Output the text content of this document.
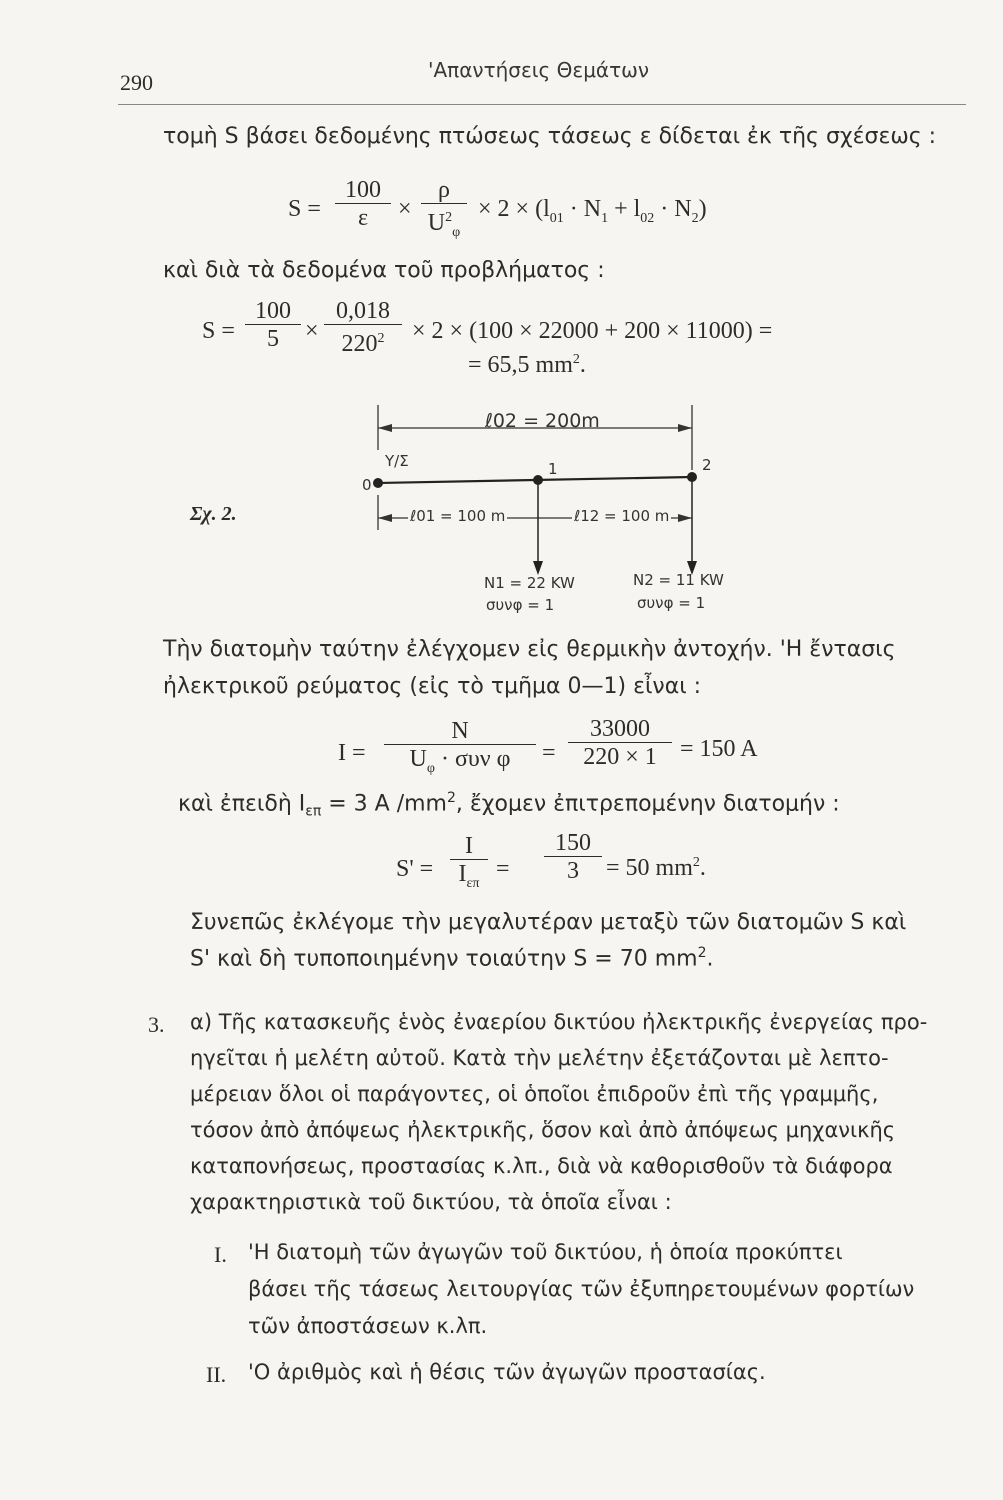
290	'Απαντήσεις Θεμάτων
τομὴ S βάσει δεδομένης πτώσεως τάσεως ε δίδεται ἐκ τῆς σχέσεως :
$S = \frac{100}{\varepsilon} \times \frac{\rho}{U^2_\varphi} \times 2 \times (l_{01} \cdot N_1 + l_{02} \cdot N_2)$
καὶ διὰ τὰ δεδομένα τοῦ προβλήματος :
$S = \frac{100}{5} \times \frac{0,018}{220^2} \times 2 \times (100 \times 22000 + 200 \times 11000)$ =
= 65,5 $mm^2$.
Σχ. 2.
ℓ02 = 200m
Υ/Σ
0
1	2
ℓ01 = 100 m	ℓ12 = 100 m
N1 = 22 KW
συνφ = 1
N2 = 11 KW
συνφ = 1
Τὴν διατομὴν ταύτην ἐλέγχομεν εἰς θερμικὴν ἀντοχήν. 'Η ἔντασις
ἠλεκτρικοῦ ρεύματος (εἰς τὸ τμῆμα 0—1) εἶναι :
I =
N
$U_\varphi \cdot \sigma\upsilon\nu$ φ	= $\frac{33000}{220 \times 1} = 150$ A
καὶ ἐπειδὴ $I_{\varepsilon\pi} = 3$ A $/mm^2$, ἔχομεν ἐπιτρεπομένην διατομήν :
S' =
I
$I_{\varepsilon\pi}$
= $\frac{150}{3} = 50$ $mm^2$.
Συνεπῶς ἐκλέγομε τὴν μεγαλυτέραν μεταξὺ τῶν διατομῶν S καὶ
S' καὶ δὴ τυποποιημένην τοιαύτην S = 70 $mm^2$.
3. α) Τῆς κατασκευῆς ἑνὸς ἐναερίου δικτύου ἠλεκτρικῆς ἐνεργείας προ-
ηγεῖται ἡ μελέτη αὐτοῦ. Κατὰ τὴν μελέτην ἐξετάζονται μὲ λεπτο-
μέρειαν ὅλοι οἱ παράγοντες, οἱ ὁποῖοι ἐπιδροῦν ἐπὶ τῆς γραμμῆς,
τόσον ἀπὸ ἀπόψεως ἠλεκτρικῆς, ὅσον καὶ ἀπὸ ἀπόψεως μηχανικῆς
καταπονήσεως, προστασίας κ.λπ., διὰ νὰ καθορισθοῦν τὰ διάφορα
χαρακτηριστικὰ τοῦ δικτύου, τὰ ὁποῖα εἶναι :
I. 'Η διατομὴ τῶν ἀγωγῶν τοῦ δικτύου, ἡ ὁποία προκύπτει
βάσει τῆς τάσεως λειτουργίας τῶν ἐξυπηρετουμένων φορτίων
τῶν ἀποστάσεων κ.λπ.
II. 'Ο ἀριθμὸς καὶ ἡ θέσις τῶν ἀγωγῶν προστασίας.
